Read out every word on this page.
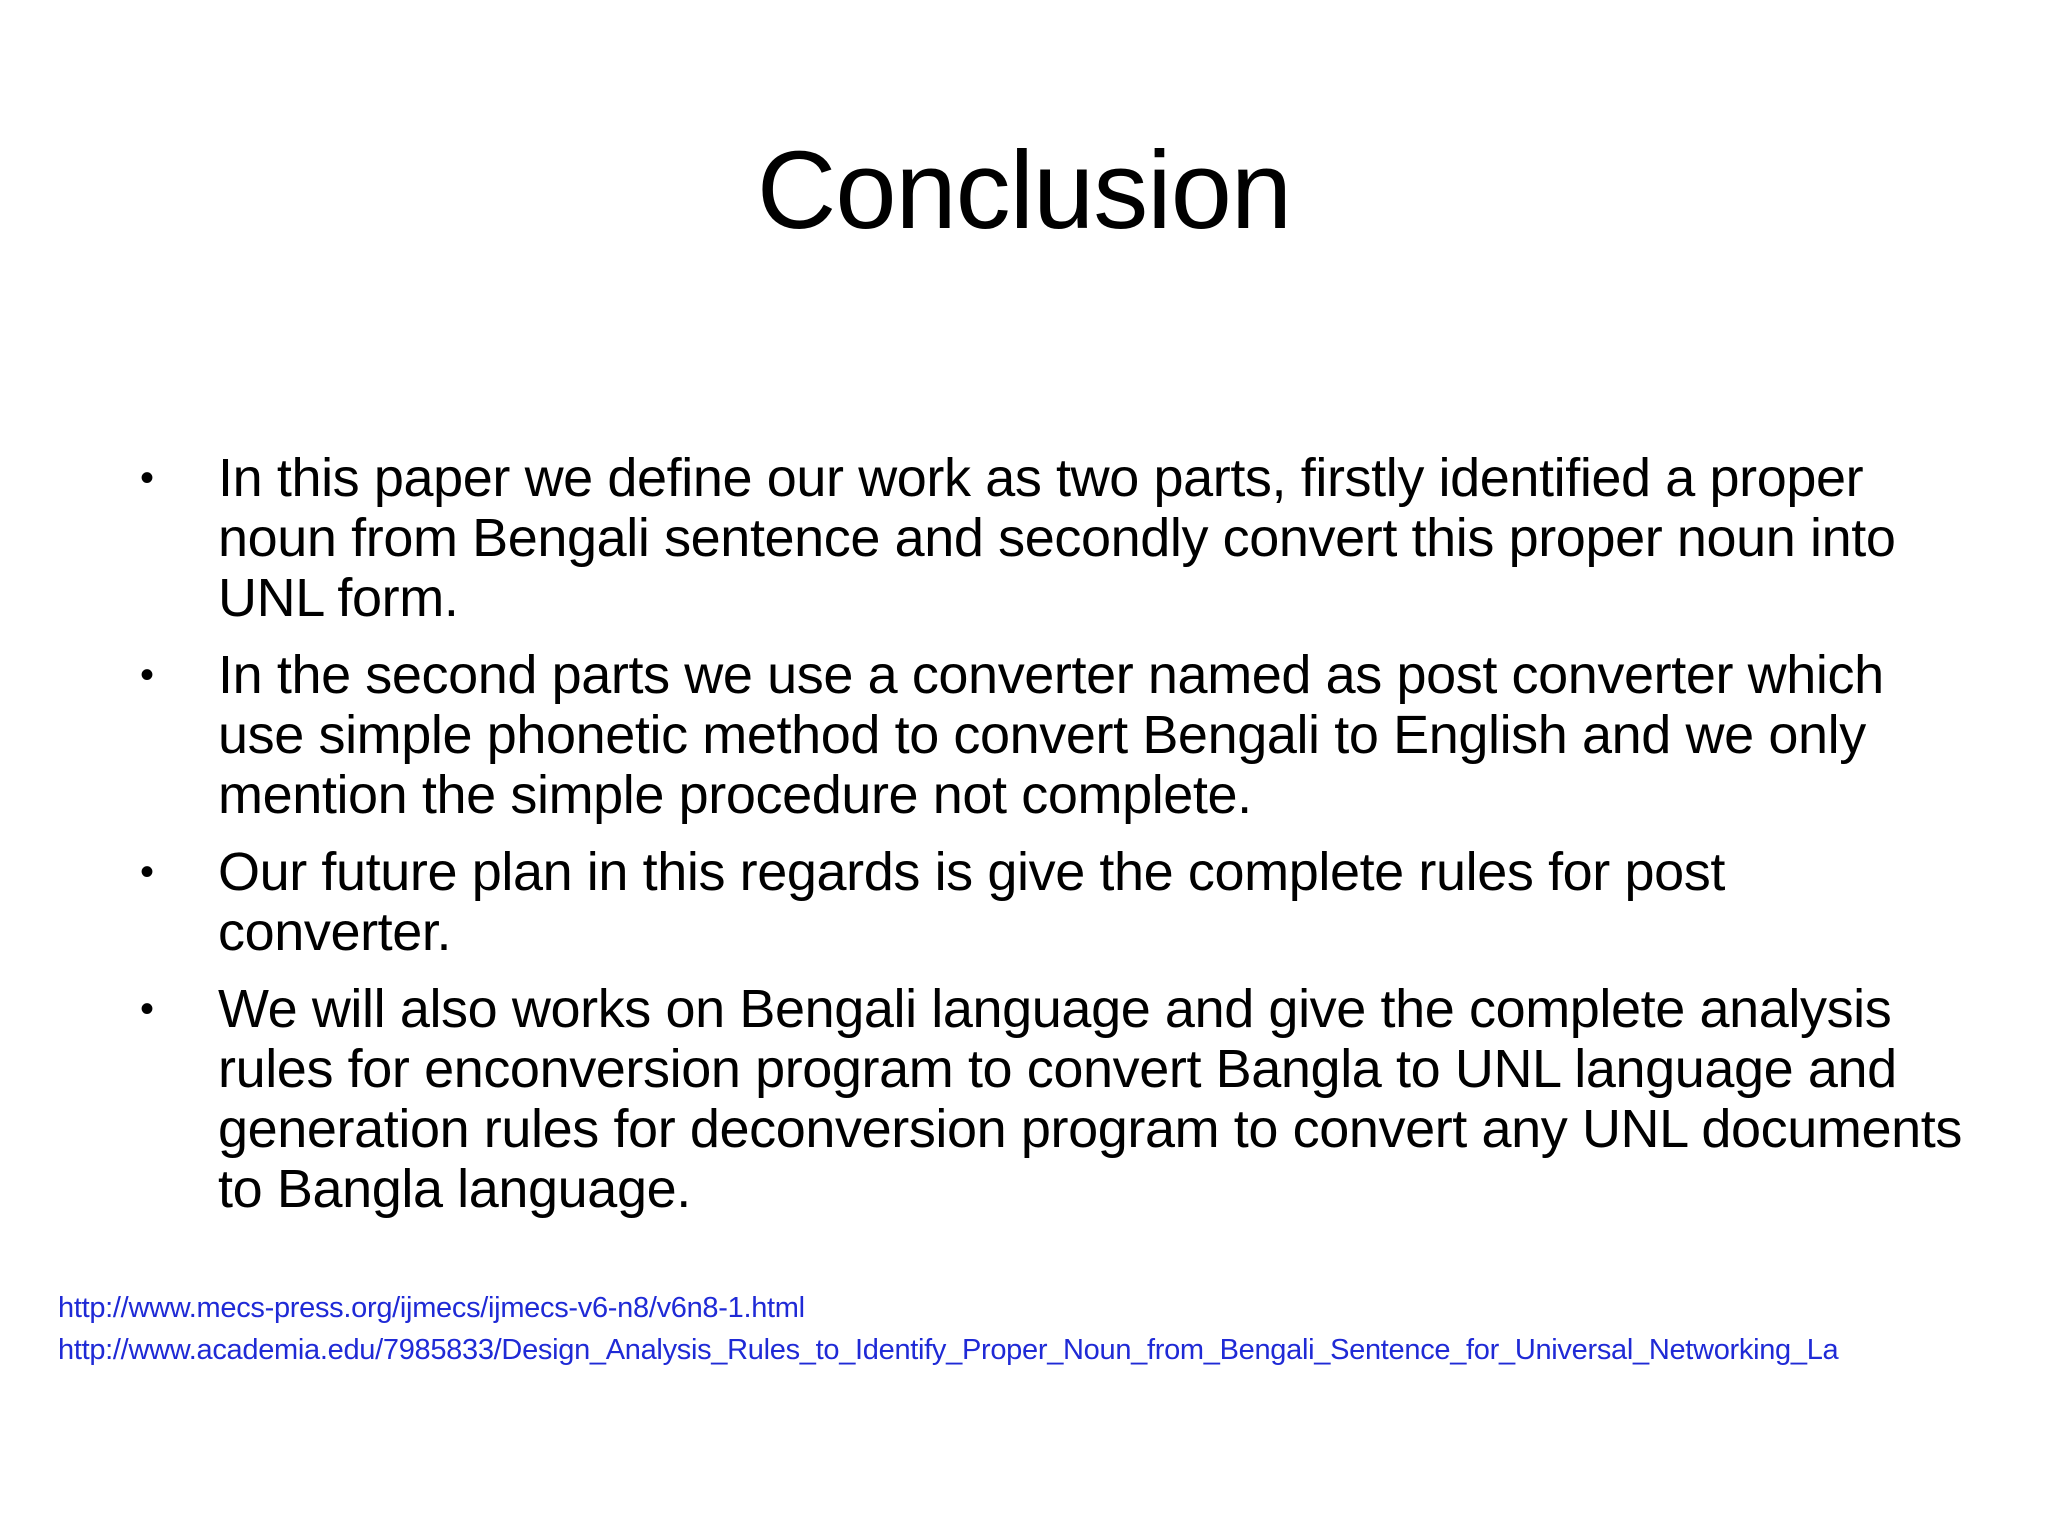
Conclusion
•	In this paper we define our work as two parts, firstly identified a proper noun from Bengali sentence and secondly convert this proper noun into UNL form.
•	In the second parts we use a converter named as post converter which use simple phonetic method to convert Bengali to English and we only mention the simple procedure not complete.
•	Our future plan in this regards is give the complete rules for post converter.
•	We will also works on Bengali language and give the complete analysis rules for enconversion program to convert Bangla to UNL language and generation rules for deconversion program to convert any UNL documents to Bangla language.
http://www.mecs-press.org/ijmecs/ijmecs-v6-n8/v6n8-1.html
http://www.academia.edu/7985833/Design_Analysis_Rules_to_Identify_Proper_Noun_from_Bengali_Sentence_for_Universal_Networking_La
